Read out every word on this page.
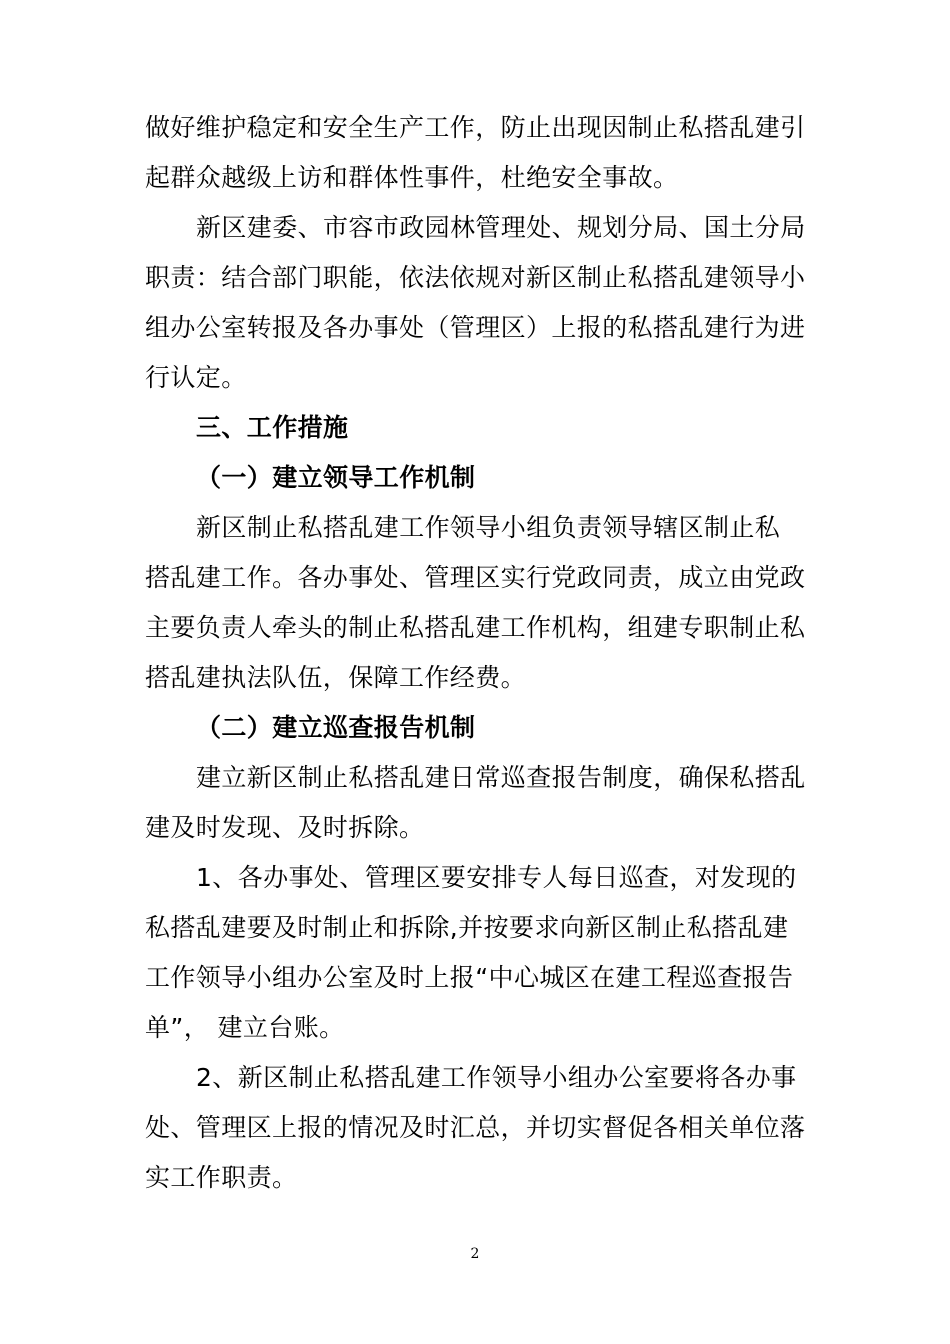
做好维护稳定和安全生产工作，防止出现因制止私搭乱建引
起群众越级上访和群体性事件，杜绝安全事故。
新区建委、市容市政园林管理处、规划分局、国土分局
职责：结合部门职能，依法依规对新区制止私搭乱建领导小
组办公室转报及各办事处（管理区）上报的私搭乱建行为进
行认定。
三、工作措施
（一）建立领导工作机制
新区制止私搭乱建工作领导小组负责领导辖区制止私
搭乱建工作。各办事处、管理区实行党政同责，成立由党政
主要负责人牵头的制止私搭乱建工作机构，组建专职制止私
搭乱建执法队伍，保障工作经费。
（二）建立巡查报告机制
建立新区制止私搭乱建日常巡查报告制度，确保私搭乱
建及时发现、及时拆除。
1、各办事处、管理区要安排专人每日巡查，对发现的
私搭乱建要及时制止和拆除,并按要求向新区制止私搭乱建
工作领导小组办公室及时上报“中心城区在建工程巡查报告
单”， 建立台账。
2、新区制止私搭乱建工作领导小组办公室要将各办事
处、管理区上报的情况及时汇总，并切实督促各相关单位落
实工作职责。
2
